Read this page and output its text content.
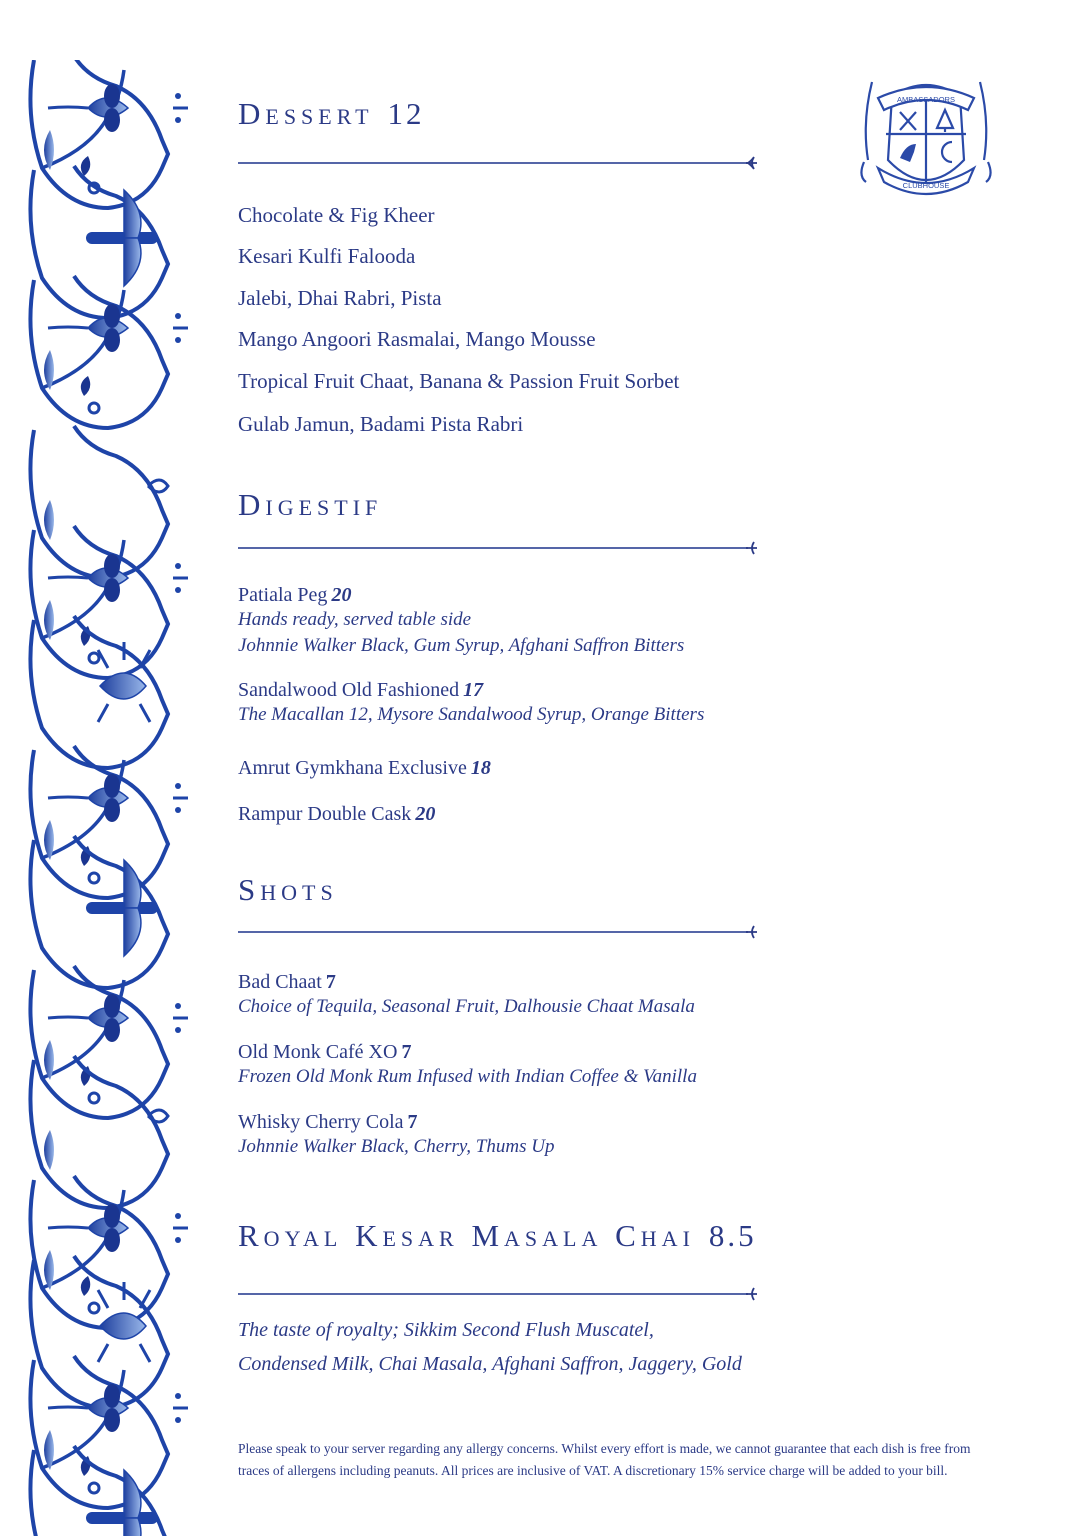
AMBASSADORS
CLUBHOUSE
Dessert 12
Chocolate & Fig Kheer
Kesari Kulfi Falooda
Jalebi, Dhai Rabri, Pista
Mango Angoori Rasmalai, Mango Mousse
Tropical Fruit Chaat, Banana & Passion Fruit Sorbet
Gulab Jamun, Badami Pista Rabri
Digestif
Patiala Peg 20
Hands ready, served table side
Johnnie Walker Black, Gum Syrup, Afghani Saffron Bitters
Sandalwood Old Fashioned 17
The Macallan 12, Mysore Sandalwood Syrup, Orange Bitters
Amrut Gymkhana Exclusive 18
Rampur Double Cask 20
Shots
Bad Chaat 7
Choice of Tequila, Seasonal Fruit, Dalhousie Chaat Masala
Old Monk Café XO 7
Frozen Old Monk Rum Infused with Indian Coffee & Vanilla
Whisky Cherry Cola 7
Johnnie Walker Black, Cherry, Thums Up
Royal Kesar Masala Chai 8.5
The taste of royalty; Sikkim Second Flush Muscatel,
Condensed Milk, Chai Masala, Afghani Saffron, Jaggery, Gold
Please speak to your server regarding any allergy concerns. Whilst every effort is made, we cannot guarantee that each dish is free from traces of allergens including peanuts. All prices are inclusive of VAT. A discretionary 15% service charge will be added to your bill.
